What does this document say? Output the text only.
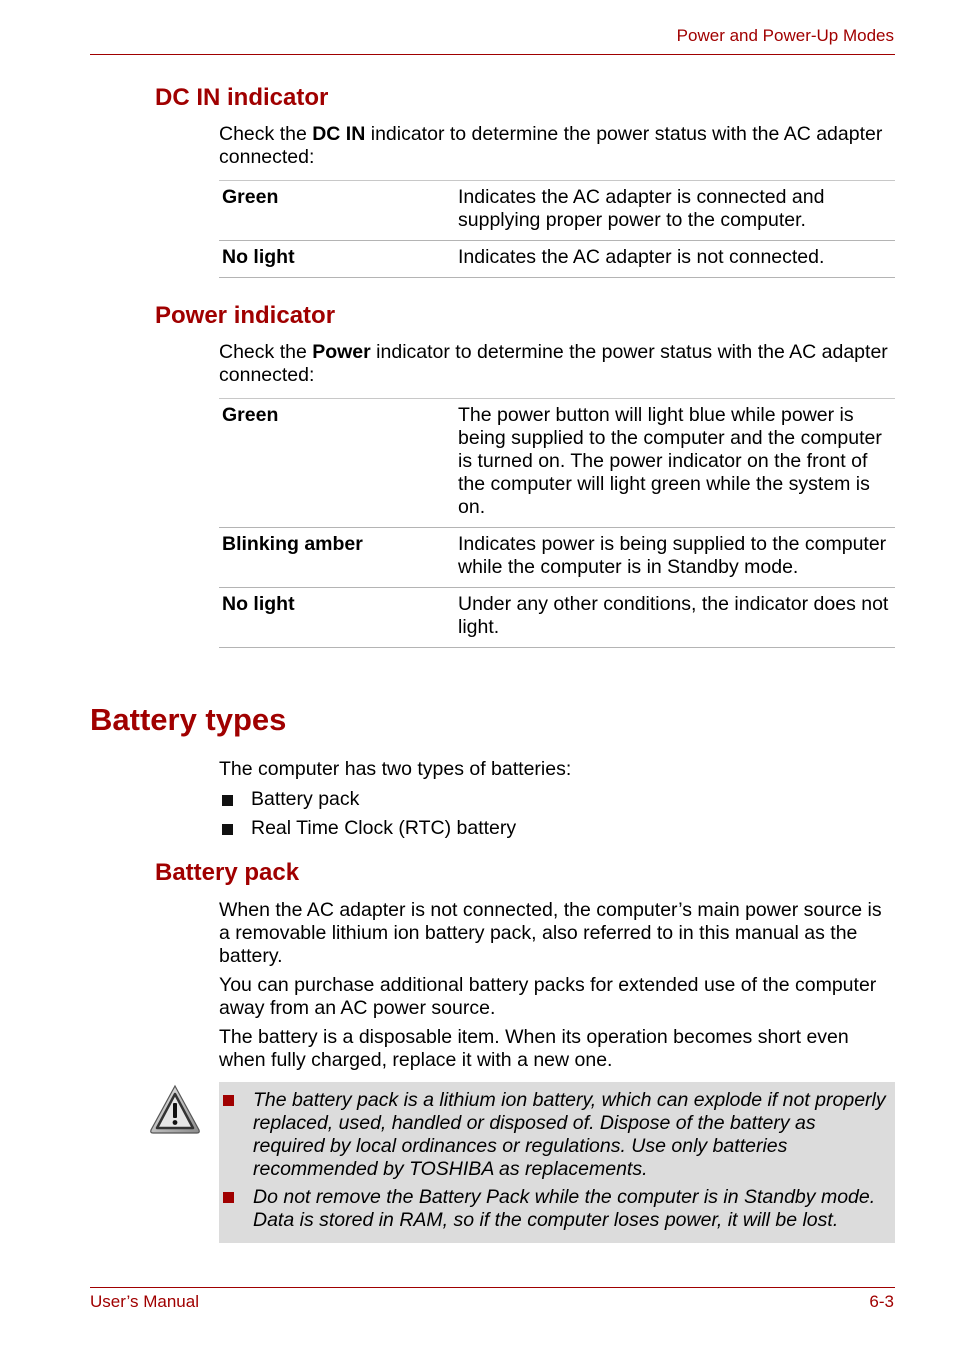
Power and Power-Up Modes
DC IN indicator
Check the DC IN indicator to determine the power status with the AC adapter connected:
Green	Indicates the AC adapter is connected and supplying proper power to the computer.
No light	Indicates the AC adapter is not connected.
Power indicator
Check the Power indicator to determine the power status with the AC adapter connected:
Green	The power button will light blue while power is being supplied to the computer and the computer is turned on. The power indicator on the front of the computer will light green while the system is on.
Blinking amber	Indicates power is being supplied to the computer while the computer is in Standby mode.
No light	Under any other conditions, the indicator does not light.
Battery types
The computer has two types of batteries:
Battery pack
Real Time Clock (RTC) battery
Battery pack
When the AC adapter is not connected, the computer’s main power source is a removable lithium ion battery pack, also referred to in this manual as the battery.
You can purchase additional battery packs for extended use of the computer away from an AC power source.
The battery is a disposable item. When its operation becomes short even when fully charged, replace it with a new one.
The battery pack is a lithium ion battery, which can explode if not properly replaced, used, handled or disposed of. Dispose of the battery as required by local ordinances or regulations. Use only batteries recommended by TOSHIBA as replacements.
Do not remove the Battery Pack while the computer is in Standby mode. Data is stored in RAM, so if the computer loses power, it will be lost.
User’s Manual	6-3
